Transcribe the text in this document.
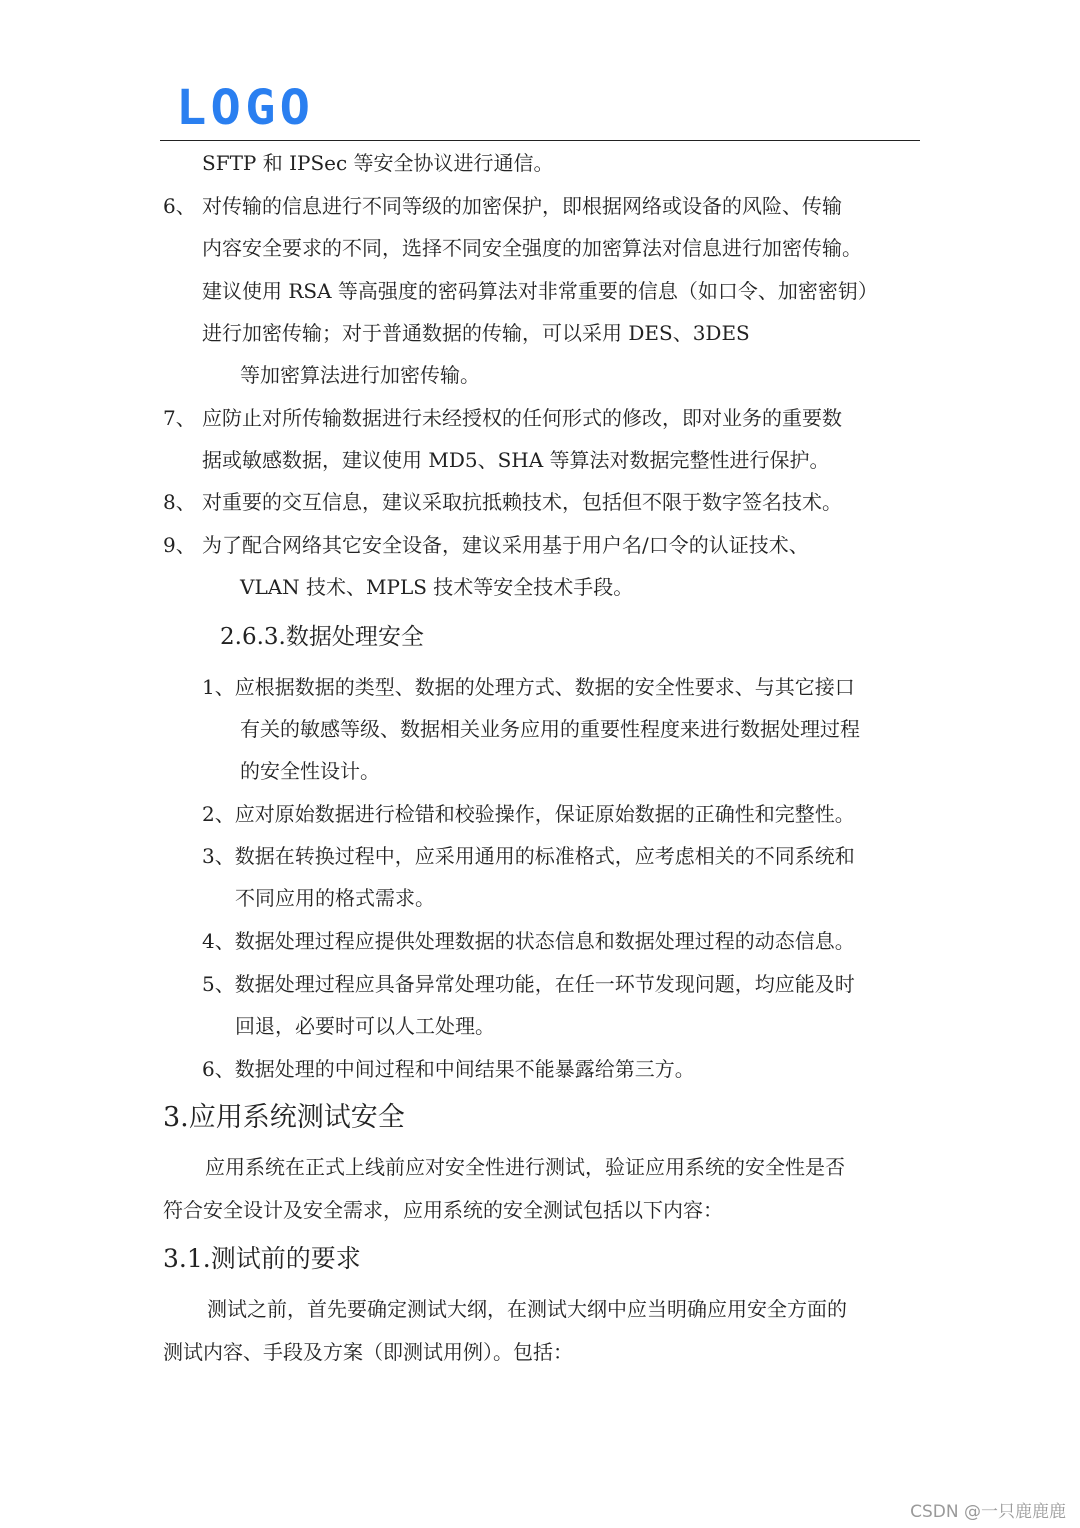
LOGO
SFTP 和 IPSec 等安全协议进行通信。
6、 对传输的信息进行不同等级的加密保护，即根据网络或设备的风险、传输
内容安全要求的不同，选择不同安全强度的加密算法对信息进行加密传输。
建议使用 RSA 等高强度的密码算法对非常重要的信息（如口令、加密密钥）
进行加密传输；对于普通数据的传输，可以采用 DES、3DES
等加密算法进行加密传输。
7、 应防止对所传输数据进行未经授权的任何形式的修改，即对业务的重要数
据或敏感数据，建议使用 MD5、SHA 等算法对数据完整性进行保护。
8、 对重要的交互信息，建议采取抗抵赖技术，包括但不限于数字签名技术。
9、 为了配合网络其它安全设备，建议采用基于用户名/口令的认证技术、
VLAN 技术、MPLS 技术等安全技术手段。
2.6.3.数据处理安全
1、应根据数据的类型、数据的处理方式、数据的安全性要求、与其它接口
有关的敏感等级、数据相关业务应用的重要性程度来进行数据处理过程
的安全性设计。
2、应对原始数据进行检错和校验操作，保证原始数据的正确性和完整性。
3、数据在转换过程中，应采用通用的标准格式，应考虑相关的不同系统和
不同应用的格式需求。
4、数据处理过程应提供处理数据的状态信息和数据处理过程的动态信息。
5、数据处理过程应具备异常处理功能，在任一环节发现问题，均应能及时
回退，必要时可以人工处理。
6、数据处理的中间过程和中间结果不能暴露给第三方。
3.应用系统测试安全
应用系统在正式上线前应对安全性进行测试，验证应用系统的安全性是否
符合安全设计及安全需求，应用系统的安全测试包括以下内容：
3.1.测试前的要求
测试之前，首先要确定测试大纲，在测试大纲中应当明确应用安全方面的
测试内容、手段及方案（即测试用例）。包括：
CSDN @一只鹿鹿鹿
